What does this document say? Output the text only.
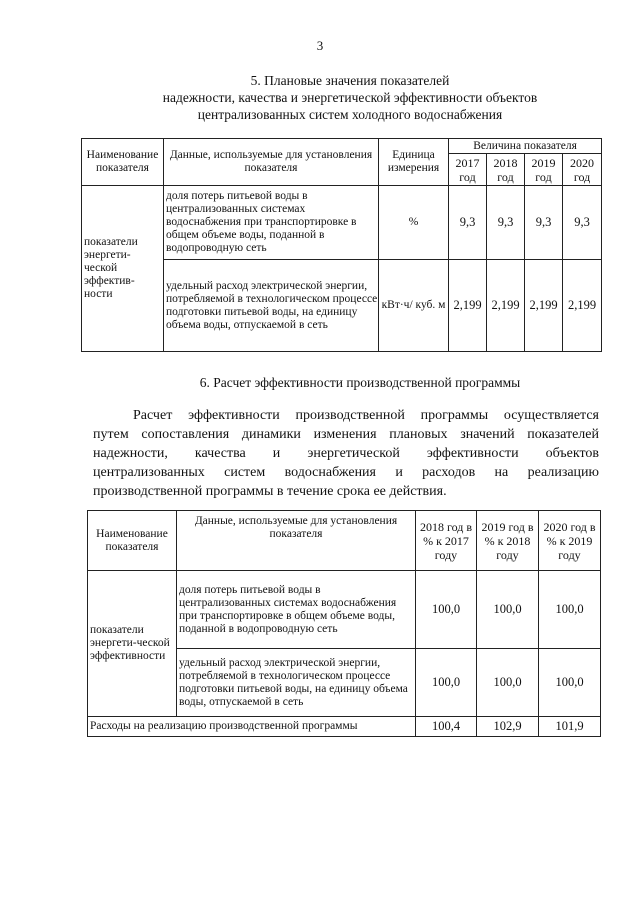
3
5. Плановые значения показателей
надежности, качества и энергетической эффективности объектов
централизованных систем холодного водоснабжения
Наименование показателя	Данные, используемые для установления показателя	Единица измерения	Величина показателя			
			2017 год	2018 год	2019 год	2020 год
показатели энергети-ческой эффектив-ности	доля потерь питьевой воды в централизованных системах водоснабжения при транспортировке в общем объеме воды, поданной в водопроводную сеть	%	9,3	9,3	9,3	9,3
	удельный расход электрической энергии, потребляемой в технологическом процессе подготовки питьевой воды, на единицу объема воды, отпускаемой в сеть	кВт·ч/ куб. м	2,199	2,199	2,199	2,199
6. Расчет эффективности производственной программы
Расчет эффективности производственной программы осуществляется
путем сопоставления динамики изменения плановых значений показателей
надежности, качества и энергетической эффективности объектов
централизованных систем водоснабжения и расходов на реализацию
производственной программы в течение срока ее действия.
Наименование показателя	Данные, используемые для установления показателя	2018 год в % к 2017 году	2019 год в % к 2018 году	2020 год в % к 2019 году
показатели энергети-ческой эффективности	доля потерь питьевой воды в централизованных системах водоснабжения при транспортировке в общем объеме воды, поданной в водопроводную сеть	100,0	100,0	100,0
	удельный расход электрической энергии, потребляемой в технологическом процессе подготовки питьевой воды, на единицу объема воды, отпускаемой в сеть	100,0	100,0	100,0
Расходы на реализацию производственной программы		100,4	102,9	101,9
